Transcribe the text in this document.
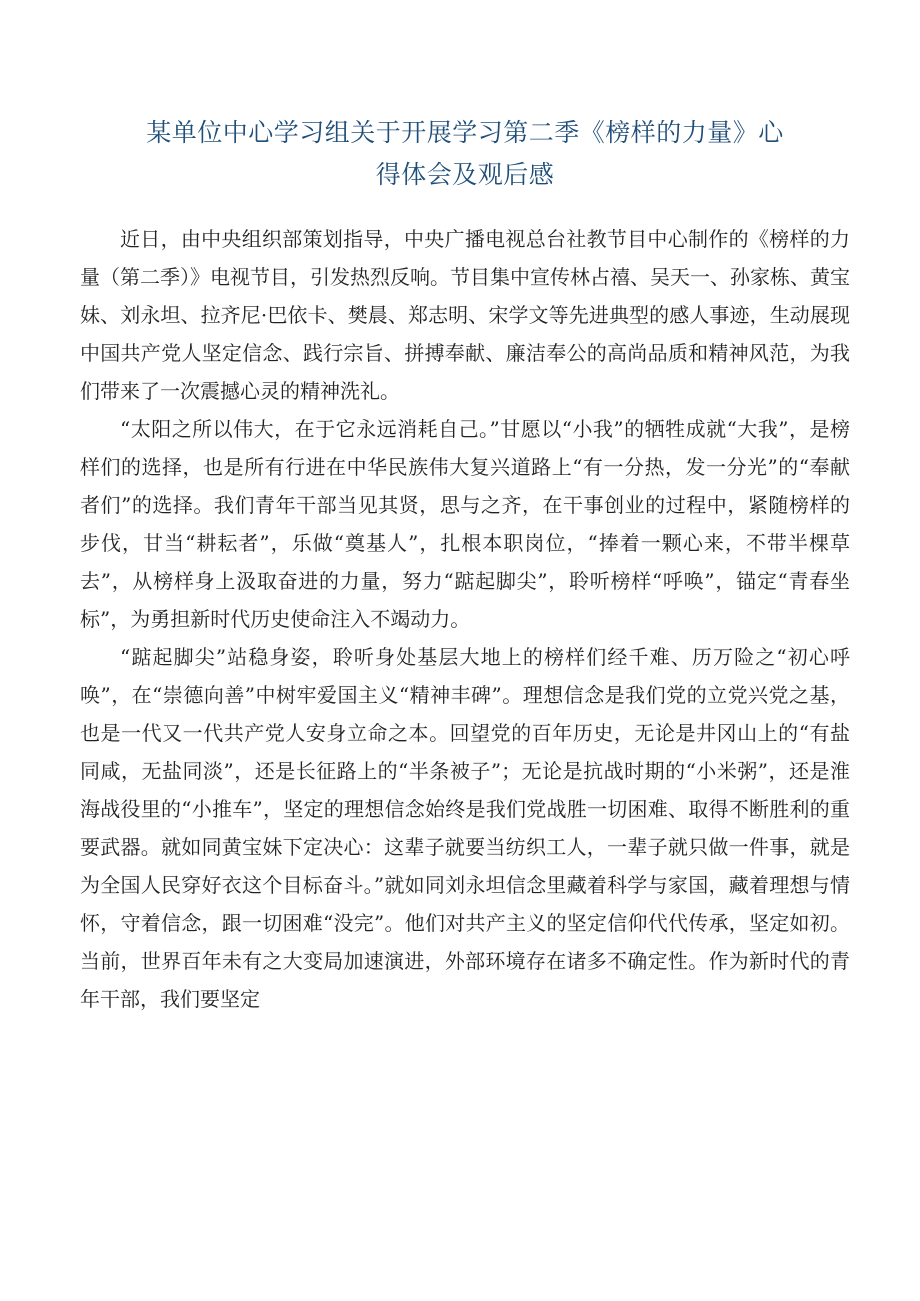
某单位中心学习组关于开展学习第二季《榜样的力量》心
得体会及观后感

近日，由中央组织部策划指导，中央广播电视总台社教节目中心制作的《榜样的力量（第二季）》电视节目，引发热烈反响。节目集中宣传林占禧、吴天一、孙家栋、黄宝妹、刘永坦、拉齐尼·巴依卡、樊晨、郑志明、宋学文等先进典型的感人事迹，生动展现中国共产党人坚定信念、践行宗旨、拼搏奉献、廉洁奉公的高尚品质和精神风范，为我们带来了一次震撼心灵的精神洗礼。

“太阳之所以伟大，在于它永远消耗自己。”甘愿以“小我”的牺牲成就“大我”，是榜样们的选择，也是所有行进在中华民族伟大复兴道路上“有一分热，发一分光”的“奉献者们”的选择。我们青年干部当见其贤，思与之齐，在干事创业的过程中，紧随榜样的步伐，甘当“耕耘者”，乐做“奠基人”，扎根本职岗位，“捧着一颗心来，不带半棵草去”，从榜样身上汲取奋进的力量，努力“踮起脚尖”，聆听榜样“呼唤”，锚定“青春坐标”，为勇担新时代历史使命注入不竭动力。

“踮起脚尖”站稳身姿，聆听身处基层大地上的榜样们经千难、历万险之“初心呼唤”，在“崇德向善”中树牢爱国主义“精神丰碑”。理想信念是我们党的立党兴党之基，也是一代又一代共产党人安身立命之本。回望党的百年历史，无论是井冈山上的“有盐同咸，无盐同淡”，还是长征路上的“半条被子”；无论是抗战时期的“小米粥”，还是淮海战役里的“小推车”，坚定的理想信念始终是我们党战胜一切困难、取得不断胜利的重要武器。就如同黄宝妹下定决心：这辈子就要当纺织工人，一辈子就只做一件事，就是为全国人民穿好衣这个目标奋斗。”就如同刘永坦信念里藏着科学与家国，藏着理想与情怀，守着信念，跟一切困难“没完”。他们对共产主义的坚定信仰代代传承，坚定如初。当前，世界百年未有之大变局加速演进，外部环境存在诸多不确定性。作为新时代的青年干部，我们要坚定
